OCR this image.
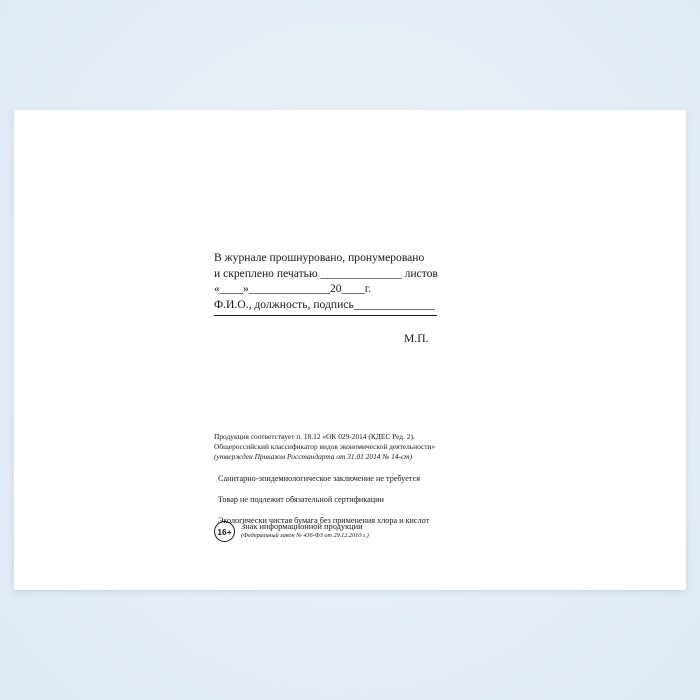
В журнале прошнуровано, пронумеровано
и скреплено печатью ______________ листов
«____»______________20____г.
Ф.И.О., должность, подпись______________
М.П.
Продукция соответствует п. 18.12 «ОК 029-2014 (КДЕС Ред. 2).
Общероссийский классификатор видов экономической деятельности»
(утвержден Приказом Росстандарта от 31.01 2014 № 14-ст)
Санитарно-эпидемиологическое заключение не требуется
Товар не подлежит обязательной сертификации
Экологически чистая бумага без применения хлора и кислот
16+	Знак информационной продукции
(Федеральный закон № 436-ФЗ от 29.12.2010 г.)
